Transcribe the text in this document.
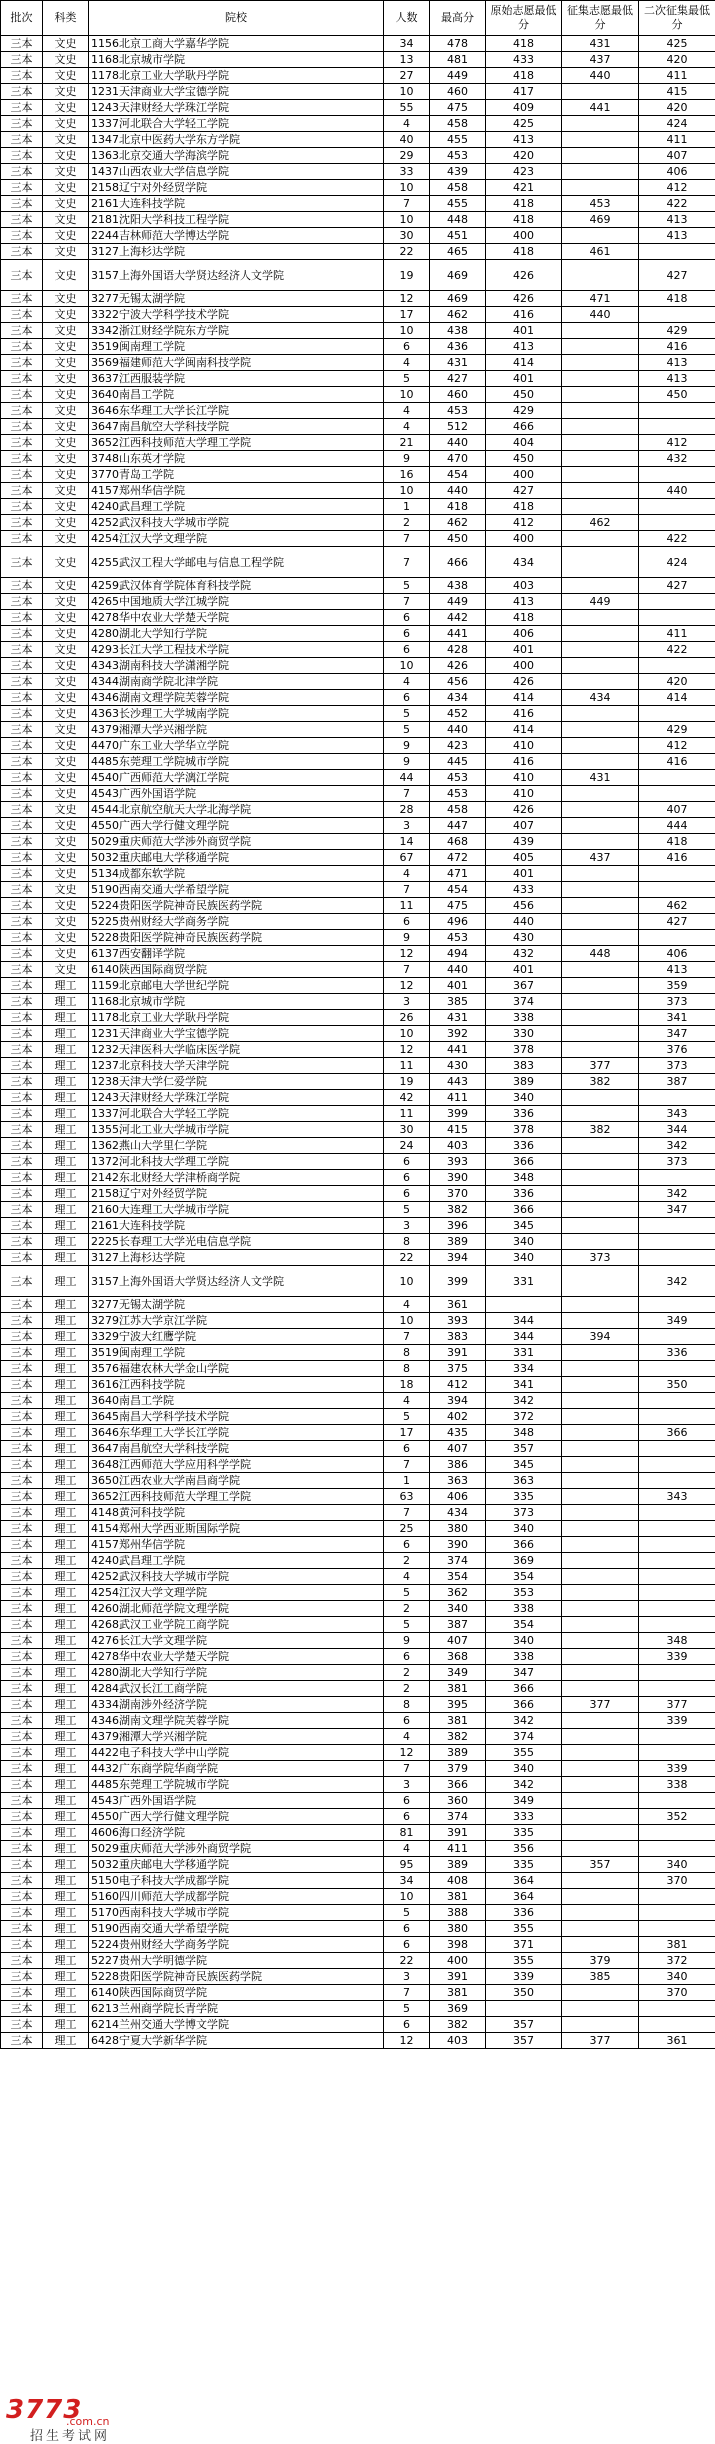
批次	科类	院校	人数	最高分	原始志愿最低分	征集志愿最低分	二次征集最低分
三本	文史	1156北京工商大学嘉华学院	34	478	418	431	425
三本	文史	1168北京城市学院	13	481	433	437	420
三本	文史	1178北京工业大学耿丹学院	27	449	418	440	411
三本	文史	1231天津商业大学宝德学院	10	460	417		415
三本	文史	1243天津财经大学珠江学院	55	475	409	441	420
三本	文史	1337河北联合大学轻工学院	4	458	425		424
三本	文史	1347北京中医药大学东方学院	40	455	413		411
三本	文史	1363北京交通大学海滨学院	29	453	420		407
三本	文史	1437山西农业大学信息学院	33	439	423		406
三本	文史	2158辽宁对外经贸学院	10	458	421		412
三本	文史	2161大连科技学院	7	455	418	453	422
三本	文史	2181沈阳大学科技工程学院	10	448	418	469	413
三本	文史	2244吉林师范大学博达学院	30	451	400		413
三本	文史	3127上海杉达学院	22	465	418	461	
三本	文史	3157上海外国语大学贤达经济人文学院	19	469	426		427
三本	文史	3277无锡太湖学院	12	469	426	471	418
三本	文史	3322宁波大学科学技术学院	17	462	416	440	
三本	文史	3342浙江财经学院东方学院	10	438	401		429
三本	文史	3519闽南理工学院	6	436	413		416
三本	文史	3569福建师范大学闽南科技学院	4	431	414		413
三本	文史	3637江西服装学院	5	427	401		413
三本	文史	3640南昌工学院	10	460	450		450
三本	文史	3646东华理工大学长江学院	4	453	429		
三本	文史	3647南昌航空大学科技学院	4	512	466		
三本	文史	3652江西科技师范大学理工学院	21	440	404		412
三本	文史	3748山东英才学院	9	470	450		432
三本	文史	3770青岛工学院	16	454	400		
三本	文史	4157郑州华信学院	10	440	427		440
三本	文史	4240武昌理工学院	1	418	418		
三本	文史	4252武汉科技大学城市学院	2	462	412	462	
三本	文史	4254江汉大学文理学院	7	450	400		422
三本	文史	4255武汉工程大学邮电与信息工程学院	7	466	434		424
三本	文史	4259武汉体育学院体育科技学院	5	438	403		427
三本	文史	4265中国地质大学江城学院	7	449	413	449	
三本	文史	4278华中农业大学楚天学院	6	442	418		
三本	文史	4280湖北大学知行学院	6	441	406		411
三本	文史	4293长江大学工程技术学院	6	428	401		422
三本	文史	4343湖南科技大学潇湘学院	10	426	400		
三本	文史	4344湖南商学院北津学院	4	456	426		420
三本	文史	4346湖南文理学院芙蓉学院	6	434	414	434	414
三本	文史	4363长沙理工大学城南学院	5	452	416		
三本	文史	4379湘潭大学兴湘学院	5	440	414		429
三本	文史	4470广东工业大学华立学院	9	423	410		412
三本	文史	4485东莞理工学院城市学院	9	445	416		416
三本	文史	4540广西师范大学漓江学院	44	453	410	431	
三本	文史	4543广西外国语学院	7	453	410		
三本	文史	4544北京航空航天大学北海学院	28	458	426		407
三本	文史	4550广西大学行健文理学院	3	447	407		444
三本	文史	5029重庆师范大学涉外商贸学院	14	468	439		418
三本	文史	5032重庆邮电大学移通学院	67	472	405	437	416
三本	文史	5134成都东软学院	4	471	401		
三本	文史	5190西南交通大学希望学院	7	454	433		
三本	文史	5224贵阳医学院神奇民族医药学院	11	475	456		462
三本	文史	5225贵州财经大学商务学院	6	496	440		427
三本	文史	5228贵阳医学院神奇民族医药学院	9	453	430		
三本	文史	6137西安翻译学院	12	494	432	448	406
三本	文史	6140陕西国际商贸学院	7	440	401		413
三本	理工	1159北京邮电大学世纪学院	12	401	367		359
三本	理工	1168北京城市学院	3	385	374		373
三本	理工	1178北京工业大学耿丹学院	26	431	338		341
三本	理工	1231天津商业大学宝德学院	10	392	330		347
三本	理工	1232天津医科大学临床医学院	12	441	378		376
三本	理工	1237北京科技大学天津学院	11	430	383	377	373
三本	理工	1238天津大学仁爱学院	19	443	389	382	387
三本	理工	1243天津财经大学珠江学院	42	411	340		
三本	理工	1337河北联合大学轻工学院	11	399	336		343
三本	理工	1355河北工业大学城市学院	30	415	378	382	344
三本	理工	1362燕山大学里仁学院	24	403	336		342
三本	理工	1372河北科技大学理工学院	6	393	366		373
三本	理工	2142东北财经大学津桥商学院	6	390	348		
三本	理工	2158辽宁对外经贸学院	6	370	336		342
三本	理工	2160大连理工大学城市学院	5	382	366		347
三本	理工	2161大连科技学院	3	396	345		
三本	理工	2225长春理工大学光电信息学院	8	389	340		
三本	理工	3127上海杉达学院	22	394	340	373	
三本	理工	3157上海外国语大学贤达经济人文学院	10	399	331		342
三本	理工	3277无锡太湖学院	4	361			
三本	理工	3279江苏大学京江学院	10	393	344		349
三本	理工	3329宁波大红鹰学院	7	383	344	394	
三本	理工	3519闽南理工学院	8	391	331		336
三本	理工	3576福建农林大学金山学院	8	375	334		
三本	理工	3616江西科技学院	18	412	341		350
三本	理工	3640南昌工学院	4	394	342		
三本	理工	3645南昌大学科学技术学院	5	402	372		
三本	理工	3646东华理工大学长江学院	17	435	348		366
三本	理工	3647南昌航空大学科技学院	6	407	357		
三本	理工	3648江西师范大学应用科学学院	7	386	345		
三本	理工	3650江西农业大学南昌商学院	1	363	363		
三本	理工	3652江西科技师范大学理工学院	63	406	335		343
三本	理工	4148黄河科技学院	7	434	373		
三本	理工	4154郑州大学西亚斯国际学院	25	380	340		
三本	理工	4157郑州华信学院	6	390	366		
三本	理工	4240武昌理工学院	2	374	369		
三本	理工	4252武汉科技大学城市学院	4	354	354		
三本	理工	4254江汉大学文理学院	5	362	353		
三本	理工	4260湖北师范学院文理学院	2	340	338		
三本	理工	4268武汉工业学院工商学院	5	387	354		
三本	理工	4276长江大学文理学院	9	407	340		348
三本	理工	4278华中农业大学楚天学院	6	368	338		339
三本	理工	4280湖北大学知行学院	2	349	347		
三本	理工	4284武汉长江工商学院	2	381	366		
三本	理工	4334湖南涉外经济学院	8	395	366	377	377
三本	理工	4346湖南文理学院芙蓉学院	6	381	342		339
三本	理工	4379湘潭大学兴湘学院	4	382	374		
三本	理工	4422电子科技大学中山学院	12	389	355		
三本	理工	4432广东商学院华商学院	7	379	340		339
三本	理工	4485东莞理工学院城市学院	3	366	342		338
三本	理工	4543广西外国语学院	6	360	349		
三本	理工	4550广西大学行健文理学院	6	374	333		352
三本	理工	4606海口经济学院	81	391	335		
三本	理工	5029重庆师范大学涉外商贸学院	4	411	356		
三本	理工	5032重庆邮电大学移通学院	95	389	335	357	340
三本	理工	5150电子科技大学成都学院	34	408	364		370
三本	理工	5160四川师范大学成都学院	10	381	364		
三本	理工	5170西南科技大学城市学院	5	388	336		
三本	理工	5190西南交通大学希望学院	6	380	355		
三本	理工	5224贵州财经大学商务学院	6	398	371		381
三本	理工	5227贵州大学明德学院	22	400	355	379	372
三本	理工	5228贵阳医学院神奇民族医药学院	3	391	339	385	340
三本	理工	6140陕西国际商贸学院	7	381	350		370
三本	理工	6213兰州商学院长青学院	5	369			
三本	理工	6214兰州交通大学博文学院	6	382	357		
三本	理工	6428宁夏大学新华学院	12	403	357	377	361
3773
.com.cn
招生考试网
